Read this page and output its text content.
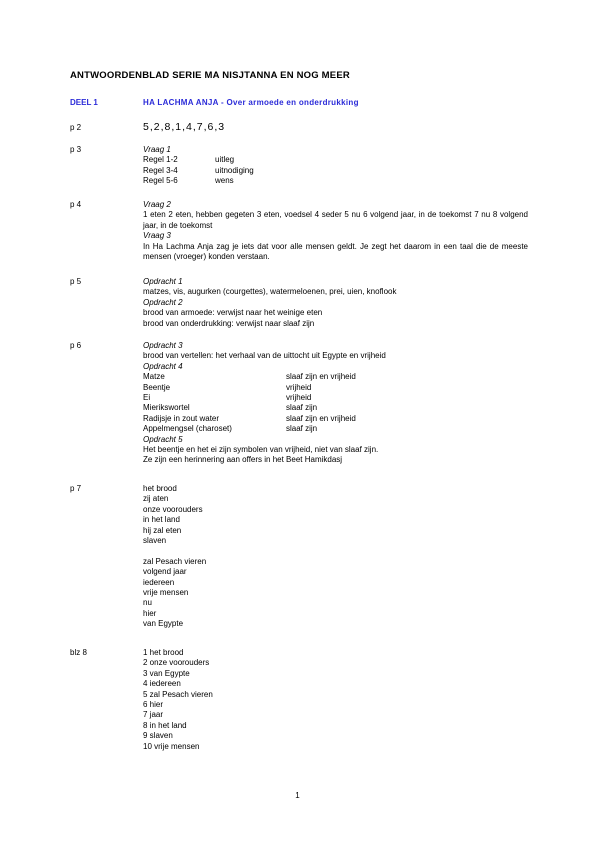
ANTWOORDENBLAD SERIE MA NISJTANNA EN NOG MEER
DEEL 1	HA LACHMA ANJA - Over armoede en onderdrukking
p 2	5,2,8,1,4,7,6,3
p 3	Vraag 1
Regel 1-2	uitleg
Regel 3-4	uitnodiging
Regel 5-6	wens
p 4	Vraag 2
1 eten 2 eten, hebben gegeten 3 eten, voedsel 4 seder 5 nu 6 volgend jaar, in de toekomst 7 nu 8 volgend jaar, in de toekomst
Vraag 3
In Ha Lachma Anja zag je iets dat voor alle mensen geldt. Je zegt het daarom in een taal die de meeste mensen (vroeger) konden verstaan.
p 5	Opdracht 1
matzes, vis, augurken (courgettes), watermeloenen, prei, uien, knoflook
Opdracht 2
brood van armoede: verwijst naar het weinige eten
brood van onderdrukking: verwijst naar slaaf zijn
p 6	Opdracht 3
brood van vertellen: het verhaal van de uittocht uit Egypte en vrijheid
Opdracht 4
Matze	slaaf zijn en vrijheid
Beentje	vrijheid
Ei	vrijheid
Mierikswortel	slaaf zijn
Radijsje in zout water	slaaf zijn en vrijheid
Appelmengsel (charoset)	slaaf zijn
Opdracht 5
Het beentje en het ei zijn symbolen van vrijheid, niet van slaaf zijn.
Ze zijn een herinnering aan offers in het Beet Hamikdasj
p 7	het brood
zij aten
onze voorouders
in het land
hij zal eten
slaven
zal Pesach vieren
volgend jaar
iedereen
vrije mensen
nu
hier
van Egypte
blz 8	1 het brood
2 onze voorouders
3 van Egypte
4 iedereen
5 zal Pesach vieren
6 hier
7 jaar
8 in het land
9 slaven
10 vrije mensen
1
